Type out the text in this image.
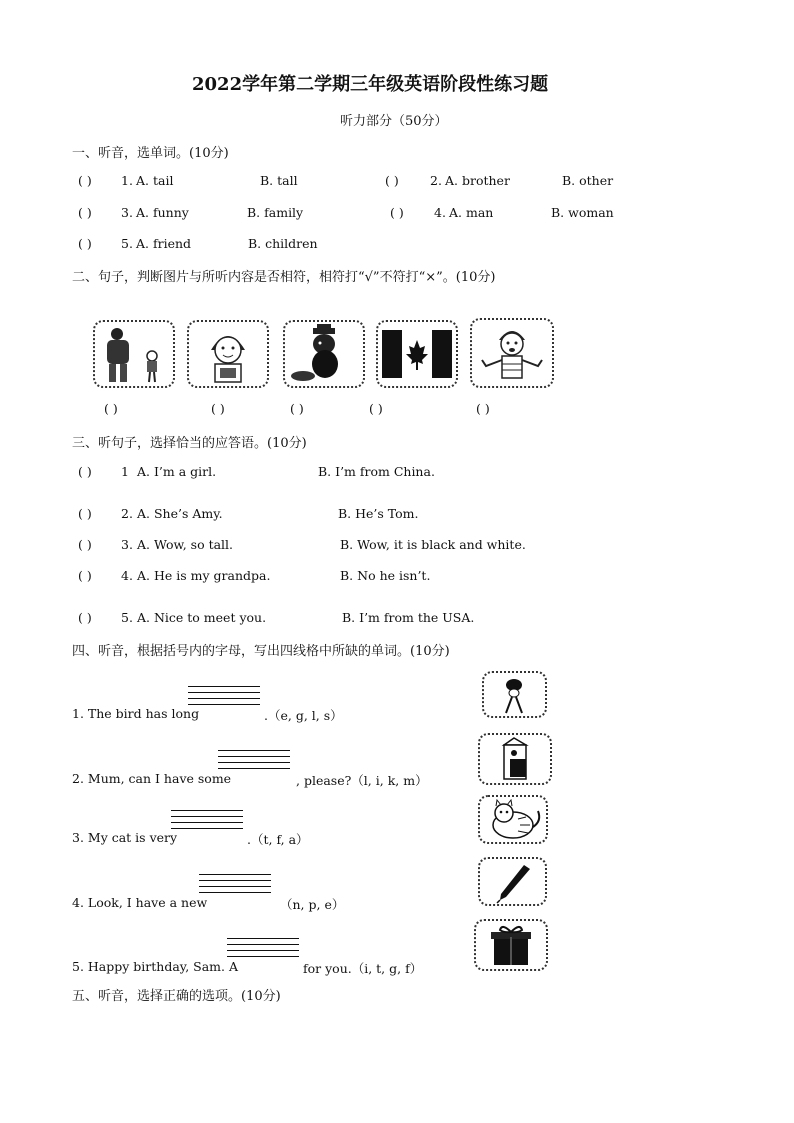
2022学年第二学期三年级英语阶段性练习题
听力部分（50分）
一、听音，选单词。(10分)
( ) 1. A. tail	B. tall	( )	2. A. brother	B. other
( ) 3. A. funny	B. family	( ) 4. A. man	B. woman
( ) 5. A. friend	B. children
二、句子，判断图片与所听内容是否相符，相符打“√”不符打“×”。(10分)
( )	( )	( )	( )	( )
三、听句子，选择恰当的应答语。(10分)
( ) 1 A. I’m a girl.	B. I’m from China.
( ) 2. A. She’s Amy.	B. He’s Tom.
( ) 3. A. Wow, so tall.	B. Wow, it is black and white.
( ) 4. A. He is my grandpa.	B. No he isn’t.
( ) 5. A. Nice to meet you.	B. I’m from the USA.
四、听音，根据括号内的字母，写出四线格中所缺的单词。(10分)
1. The bird has long	.（e, g, l, s）
2. Mum, can I have some	, please?（l, i, k, m）
3. My cat is very	.（t, f, a）
4. Look, I have a new	（n, p, e）
5. Happy birthday, Sam. A	for you.（i, t, g, f）
五、听音，选择正确的选项。(10分)
